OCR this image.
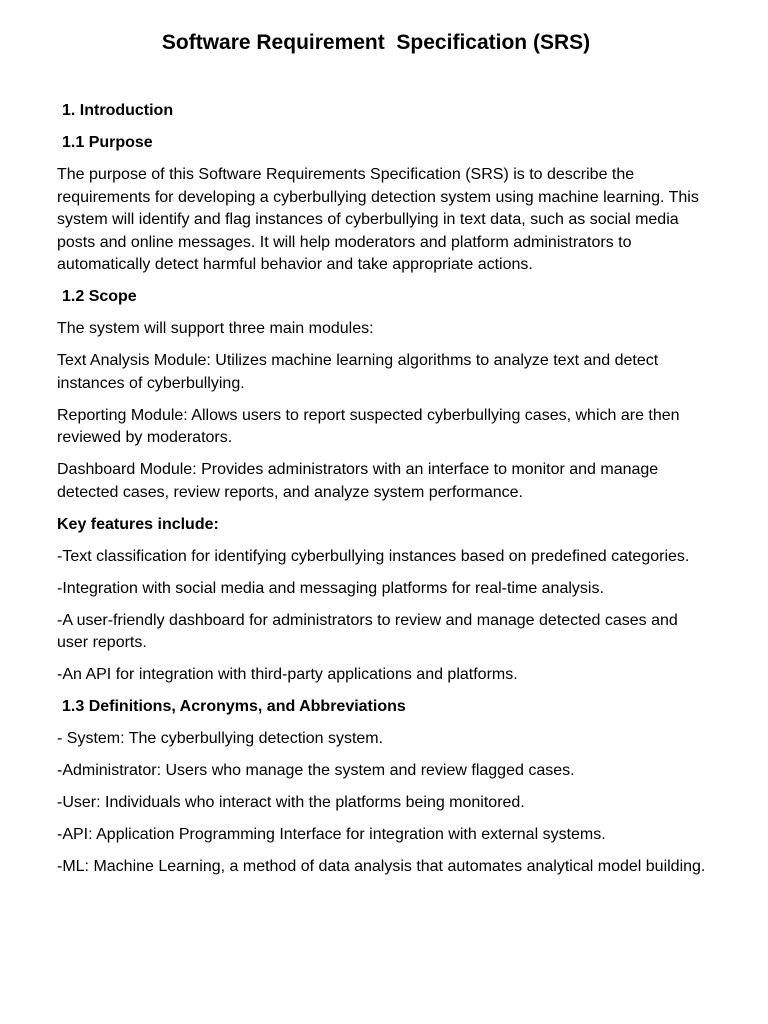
Software Requirement  Specification (SRS)
1. Introduction
1.1 Purpose

The purpose of this Software Requirements Specification (SRS) is to describe the requirements for developing a cyberbullying detection system using machine learning. This system will identify and flag instances of cyberbullying in text data, such as social media posts and online messages. It will help moderators and platform administrators to automatically detect harmful behavior and take appropriate actions.

1.2 Scope

The system will support three main modules:

Text Analysis Module: Utilizes machine learning algorithms to analyze text and detect instances of cyberbullying.

Reporting Module: Allows users to report suspected cyberbullying cases, which are then reviewed by moderators.

Dashboard Module: Provides administrators with an interface to monitor and manage detected cases, review reports, and analyze system performance.

Key features include:

-Text classification for identifying cyberbullying instances based on predefined categories.

-Integration with social media and messaging platforms for real-time analysis.

-A user-friendly dashboard for administrators to review and manage detected cases and user reports.

-An API for integration with third-party applications and platforms.

1.3 Definitions, Acronyms, and Abbreviations

- System: The cyberbullying detection system.

-Administrator: Users who manage the system and review flagged cases.

-User: Individuals who interact with the platforms being monitored.

-API: Application Programming Interface for integration with external systems.

-ML: Machine Learning, a method of data analysis that automates analytical model building.
